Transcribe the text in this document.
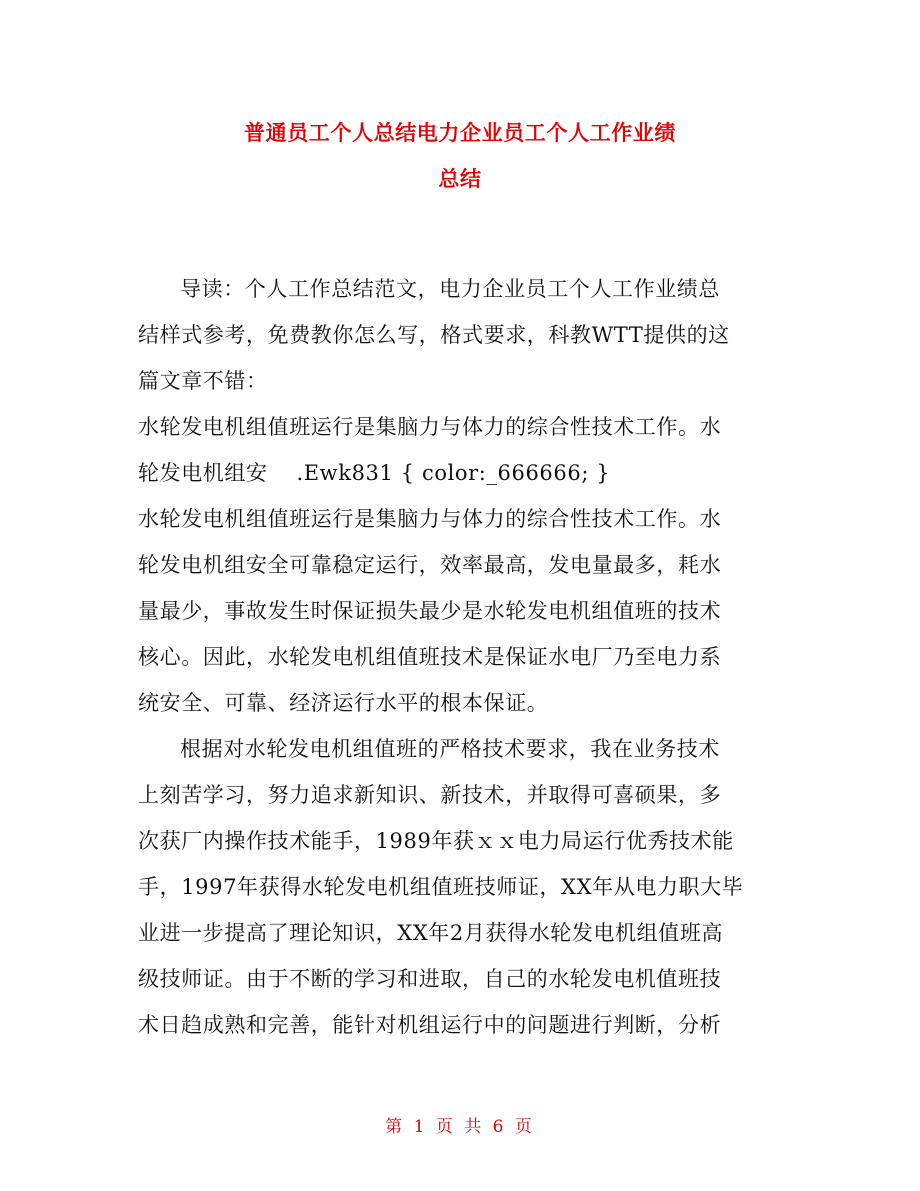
普通员工个人总结电力企业员工个人工作业绩
总结
导读：个人工作总结范文，电力企业员工个人工作业绩总
结样式参考，免费教你怎么写，格式要求，科教WTT提供的这
篇文章不错：
水轮发电机组值班运行是集脑力与体力的综合性技术工作。水
轮发电机组安　 .Ewk831 { color:_666666; }
水轮发电机组值班运行是集脑力与体力的综合性技术工作。水
轮发电机组安全可靠稳定运行，效率最高，发电量最多，耗水
量最少，事故发生时保证损失最少是水轮发电机组值班的技术
核心。因此，水轮发电机组值班技术是保证水电厂乃至电力系
统安全、可靠、经济运行水平的根本保证。
根据对水轮发电机组值班的严格技术要求，我在业务技术
上刻苦学习，努力追求新知识、新技术，并取得可喜硕果，多
次获厂内操作技术能手，1989年获ｘｘ电力局运行优秀技术能
手，1997年获得水轮发电机组值班技师证，XX年从电力职大毕
业进一步提高了理论知识，XX年2月获得水轮发电机组值班高
级技师证。由于不断的学习和进取，自己的水轮发电机值班技
术日趋成熟和完善，能针对机组运行中的问题进行判断，分析
第 1 页 共 6 页
